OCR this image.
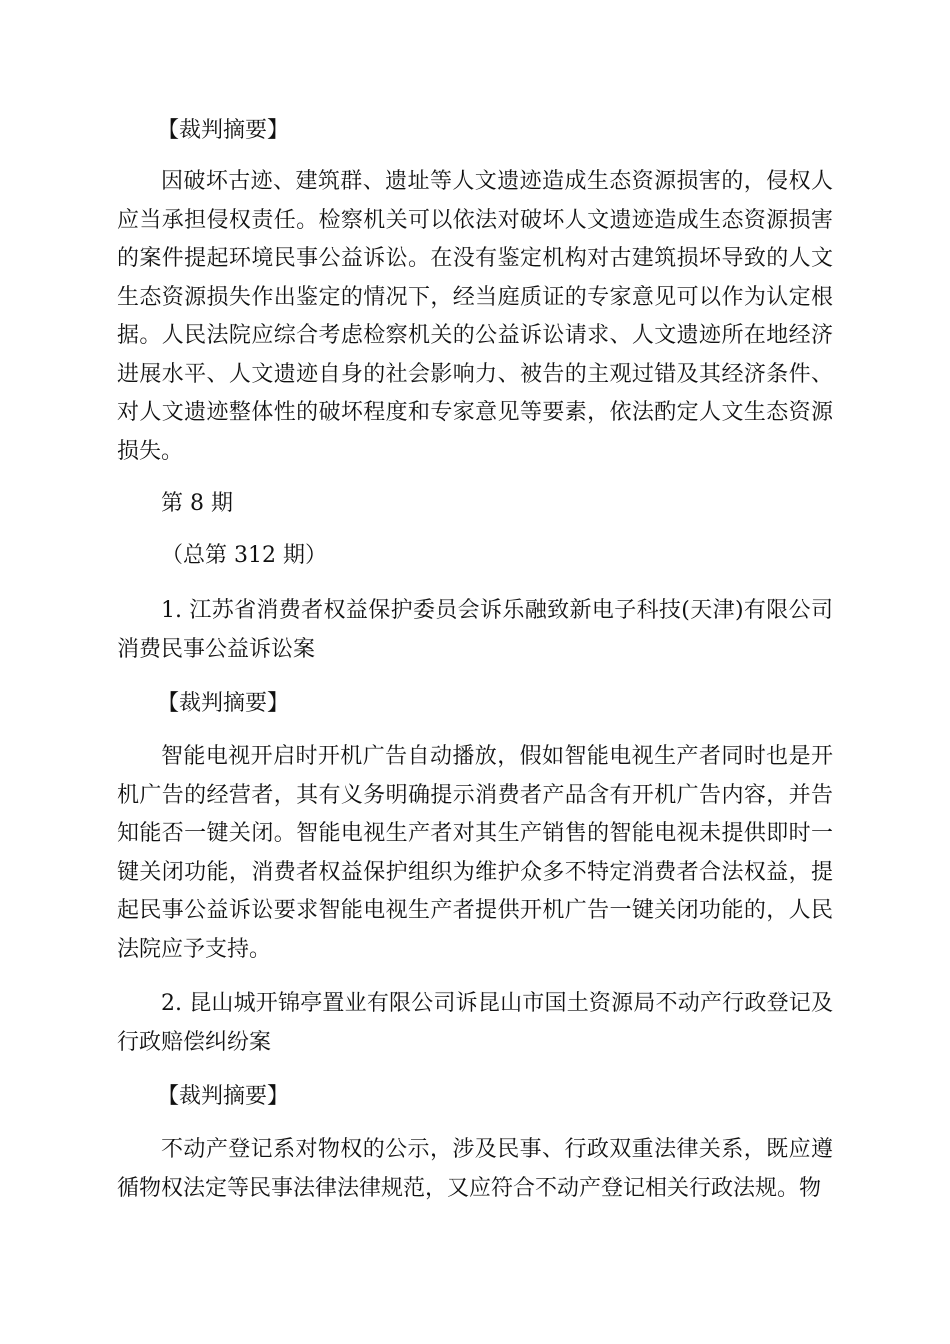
【裁判摘要】

因破坏古迹、建筑群、遗址等人文遗迹造成生态资源损害的，侵权人应当承担侵权责任。检察机关可以依法对破坏人文遗迹造成生态资源损害的案件提起环境民事公益诉讼。在没有鉴定机构对古建筑损坏导致的人文生态资源损失作出鉴定的情况下，经当庭质证的专家意见可以作为认定根据。人民法院应综合考虑检察机关的公益诉讼请求、人文遗迹所在地经济进展水平、人文遗迹自身的社会影响力、被告的主观过错及其经济条件、对人文遗迹整体性的破坏程度和专家意见等要素，依法酌定人文生态资源损失。

第 8 期

（总第 312 期）

1. 江苏省消费者权益保护委员会诉乐融致新电子科技(天津)有限公司消费民事公益诉讼案

【裁判摘要】

智能电视开启时开机广告自动播放，假如智能电视生产者同时也是开机广告的经营者，其有义务明确提示消费者产品含有开机广告内容，并告知能否一键关闭。智能电视生产者对其生产销售的智能电视未提供即时一键关闭功能，消费者权益保护组织为维护众多不特定消费者合法权益，提起民事公益诉讼要求智能电视生产者提供开机广告一键关闭功能的，人民法院应予支持。

2. 昆山城开锦亭置业有限公司诉昆山市国土资源局不动产行政登记及行政赔偿纠纷案

【裁判摘要】

不动产登记系对物权的公示，涉及民事、行政双重法律关系，既应遵循物权法定等民事法律法律规范，又应符合不动产登记相关行政法规。物
